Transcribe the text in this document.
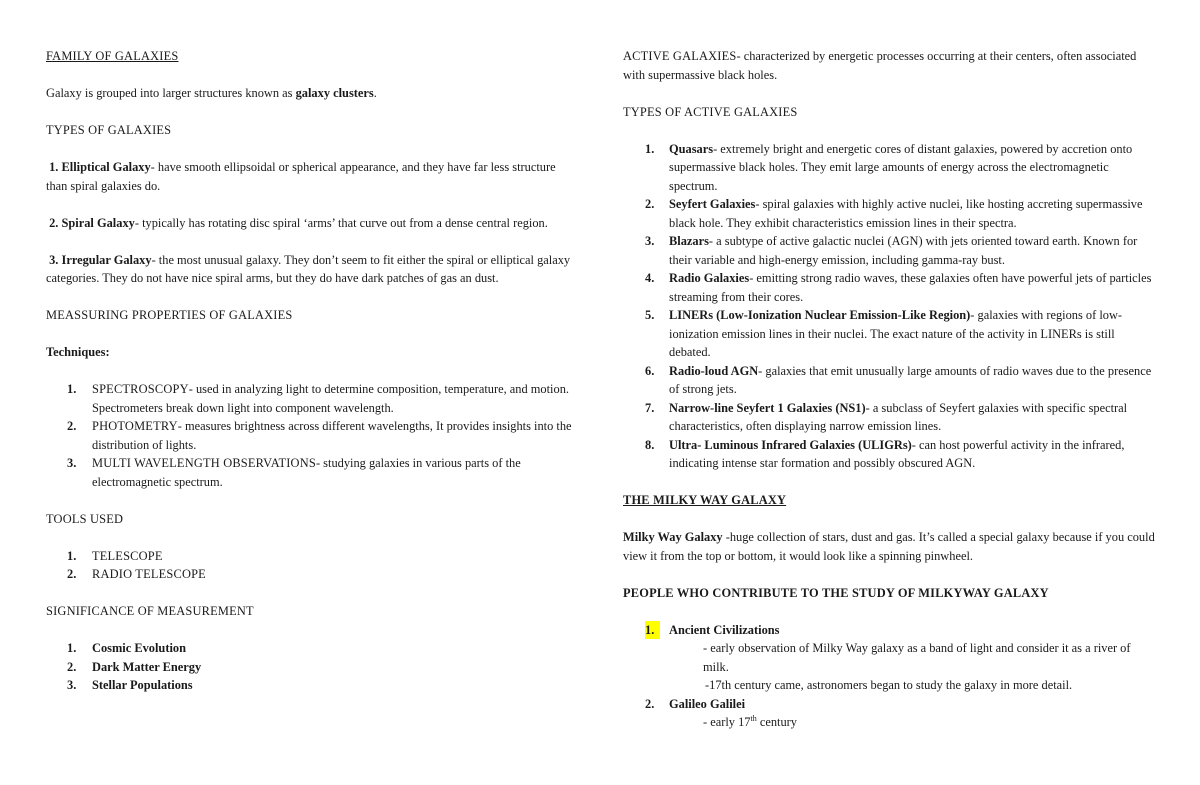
FAMILY OF GALAXIES

Galaxy is grouped into larger structures known as galaxy clusters.

TYPES OF GALAXIES

1. Elliptical Galaxy- have smooth ellipsoidal or spherical appearance, and they have far less structure than spiral galaxies do.

2. Spiral Galaxy- typically has rotating disc spiral ‘arms’ that curve out from a dense central region.

3. Irregular Galaxy- the most unusual galaxy. They don’t seem to fit either the spiral or elliptical galaxy categories. They do not have nice spiral arms, but they do have dark patches of gas an dust.

MEASSURING PROPERTIES OF GALAXIES

Techniques:

1. SPECTROSCOPY- used in analyzing light to determine composition, temperature, and motion. Spectrometers break down light into component wavelength.
2. PHOTOMETRY- measures brightness across different wavelengths, It provides insights into the distribution of lights.
3. MULTI WAVELENGTH OBSERVATIONS- studying galaxies in various parts of the electromagnetic spectrum.

TOOLS USED

1. TELESCOPE
2. RADIO TELESCOPE

SIGNIFICANCE OF MEASUREMENT

1. Cosmic Evolution
2. Dark Matter Energy
3. Stellar Populations

ACTIVE GALAXIES- characterized by energetic processes occurring at their centers, often associated with supermassive black holes.

TYPES OF ACTIVE GALAXIES

1. Quasars- extremely bright and energetic cores of distant galaxies, powered by accretion onto supermassive black holes. They emit large amounts of energy across the electromagnetic spectrum.
2. Seyfert Galaxies- spiral galaxies with highly active nuclei, like hosting accreting supermassive black hole. They exhibit characteristics emission lines in their spectra.
3. Blazars- a subtype of active galactic nuclei (AGN) with jets oriented toward earth. Known for their variable and high-energy emission, including gamma-ray bust.
4. Radio Galaxies- emitting strong radio waves, these galaxies often have powerful jets of particles streaming from their cores.
5. LINERs (Low-Ionization Nuclear Emission-Like Region)- galaxies with regions of low-ionization emission lines in their nuclei. The exact nature of the activity in LINERs is still debated.
6. Radio-loud AGN- galaxies that emit unusually large amounts of radio waves due to the presence of strong jets.
7. Narrow-line Seyfert 1 Galaxies (NS1)- a subclass of Seyfert galaxies with specific spectral characteristics, often displaying narrow emission lines.
8. Ultra- Luminous Infrared Galaxies (ULIGRs)- can host powerful activity in the infrared, indicating intense star formation and possibly obscured AGN.

THE MILKY WAY GALAXY

Milky Way Galaxy -huge collection of stars, dust and gas. It’s called a special galaxy because if you could view it from the top or bottom, it would look like a spinning pinwheel.

PEOPLE WHO CONTRIBUTE TO THE STUDY OF MILKYWAY GALAXY

1.	Ancient Civilizations
- early observation of Milky Way galaxy as a band of light and consider it as a river of milk.
-17th century came, astronomers began to study the galaxy in more detail.
2. Galileo Galilei
- early 17th century
